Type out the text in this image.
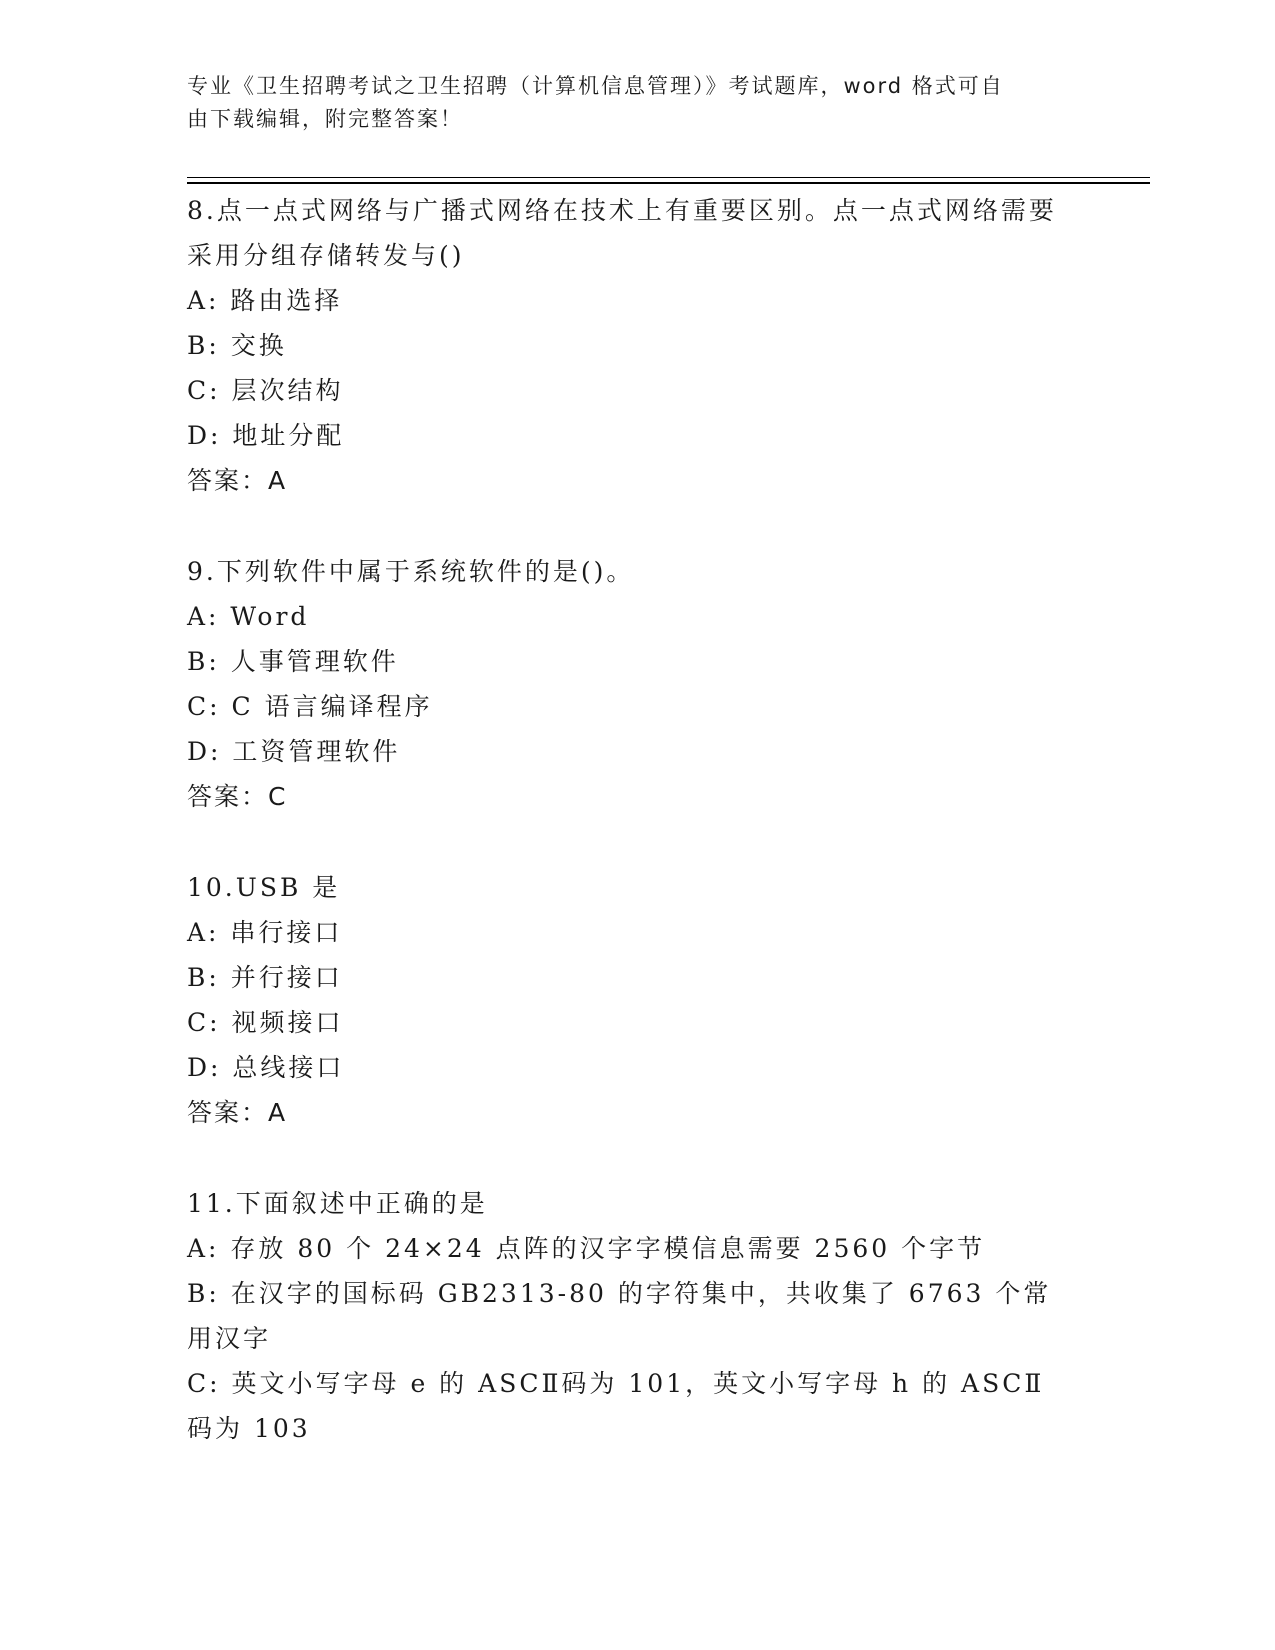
专业《卫生招聘考试之卫生招聘（计算机信息管理）》考试题库，word 格式可自
由下载编辑，附完整答案！

8.点一点式网络与广播式网络在技术上有重要区别。点一点式网络需要采用分组存储转发与()

A: 路由选择

B: 交换

C: 层次结构

D: 地址分配

答案：A

9.下列软件中属于系统软件的是()。

A: Word

B: 人事管理软件

C: C 语言编译程序

D: 工资管理软件

答案：C

10.USB 是

A: 串行接口

B: 并行接口

C: 视频接口

D: 总线接口

答案：A

11.下面叙述中正确的是

A: 存放 80 个 24×24 点阵的汉字字模信息需要 2560 个字节

B: 在汉字的国标码 GB2313-80 的字符集中，共收集了 6763 个常用汉字

C: 英文小写字母 e 的 ASCⅡ码为 101，英文小写字母 h 的 ASCⅡ码为 103
